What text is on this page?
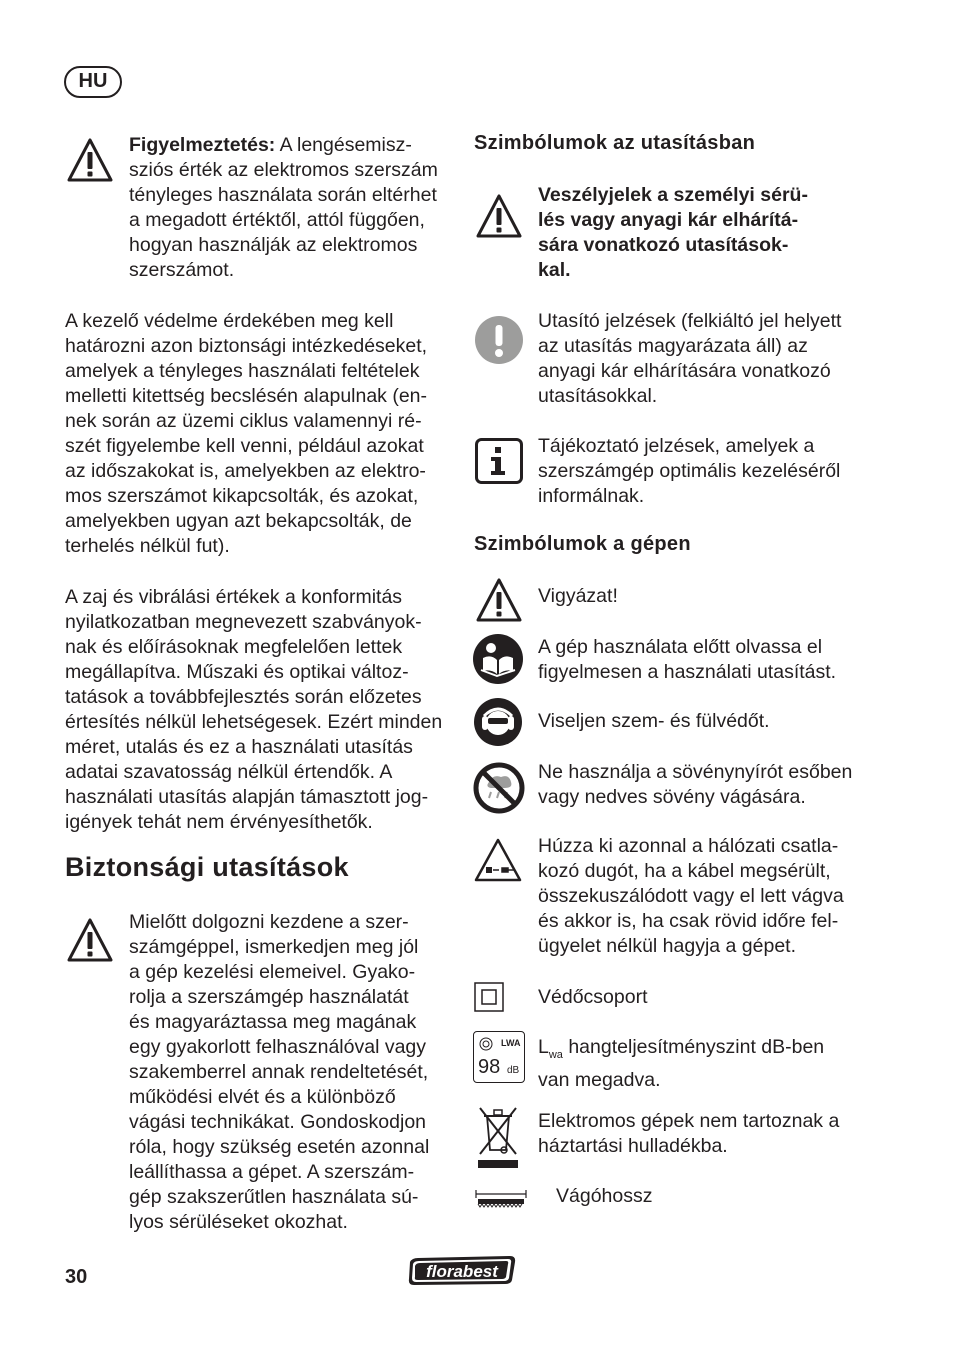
HU
Figyelmeztetés: A lengésemisz-
sziós érték az elektromos szerszám
tényleges használata során eltérhet
a megadott értéktől, attól függően,
hogyan használják az elektromos
szerszámot.
A kezelő védelme érdekében meg kell
határozni azon biztonsági intézkedéseket,
amelyek a tényleges használati feltételek
melletti kitettség becslésén alapulnak (en-
nek során az üzemi ciklus valamennyi ré-
szét figyelembe kell venni, például azokat
az időszakokat is, amelyekben az elektro-
mos szerszámot kikapcsolták, és azokat,
amelyekben ugyan azt bekapcsolták, de
terhelés nélkül fut).
A zaj és vibrálási értékek a konformitás
nyilatkozatban megnevezett szabványok-
nak és előírásoknak megfelelően lettek
megállapítva. Műszaki és optikai változ-
tatások a továbbfejlesztés során előzetes
értesítés nélkül lehetségesek. Ezért minden
méret, utalás és ez a használati utasítás
adatai szavatosság nélkül értendők. A
használati utasítás alapján támasztott jog-
igények tehát nem érvényesíthetők.
Biztonsági utasítások
Mielőtt dolgozni kezdene a szer-
számgéppel, ismerkedjen meg jól
a gép kezelési elemeivel. Gyako-
rolja a szerszámgép használatát
és magyaráztassa meg magának
egy gyakorlott felhasználóval vagy
szakemberrel annak rendeltetését,
működési elvét és a különböző
vágási technikákat. Gondoskodjon
róla, hogy szükség esetén azonnal
leállíthassa a gépet. A szerszám-
gép szakszerűtlen használata sú-
lyos sérüléseket okozhat.
Szimbólumok az utasításban
Veszélyjelek a személyi sérü-
lés vagy anyagi kár elhárítá-
sára vonatkozó utasítások-
kal.
Utasító jelzések (felkiáltó jel helyett
az utasítás magyarázata áll) az
anyagi kár elhárítására vonatkozó
utasításokkal.
Tájékoztató jelzések, amelyek a
szerszámgép optimális kezeléséről
informálnak.
Szimbólumok a gépen
Vigyázat!
A gép használata előtt olvassa el
figyelmesen a használati utasítást.
Viseljen szem- és fülvédőt.
Ne használja a sövénynyírót esőben
vagy nedves sövény vágására.
Húzza ki azonnal a hálózati csatla-
kozó dugót, ha a kábel megsérült,
összekuszálódott vagy el lett vágva
és akkor is, ha csak rövid időre fel-
ügyelet nélkül hagyja a gépet.
Védőcsoport
LWA
98 dB
$L_{wa}$ hangteljesítményszint dB-ben
van megadva.
Elektromos gépek nem tartoznak a
háztartási hulladékba.
Vágóhossz
30	florabest
